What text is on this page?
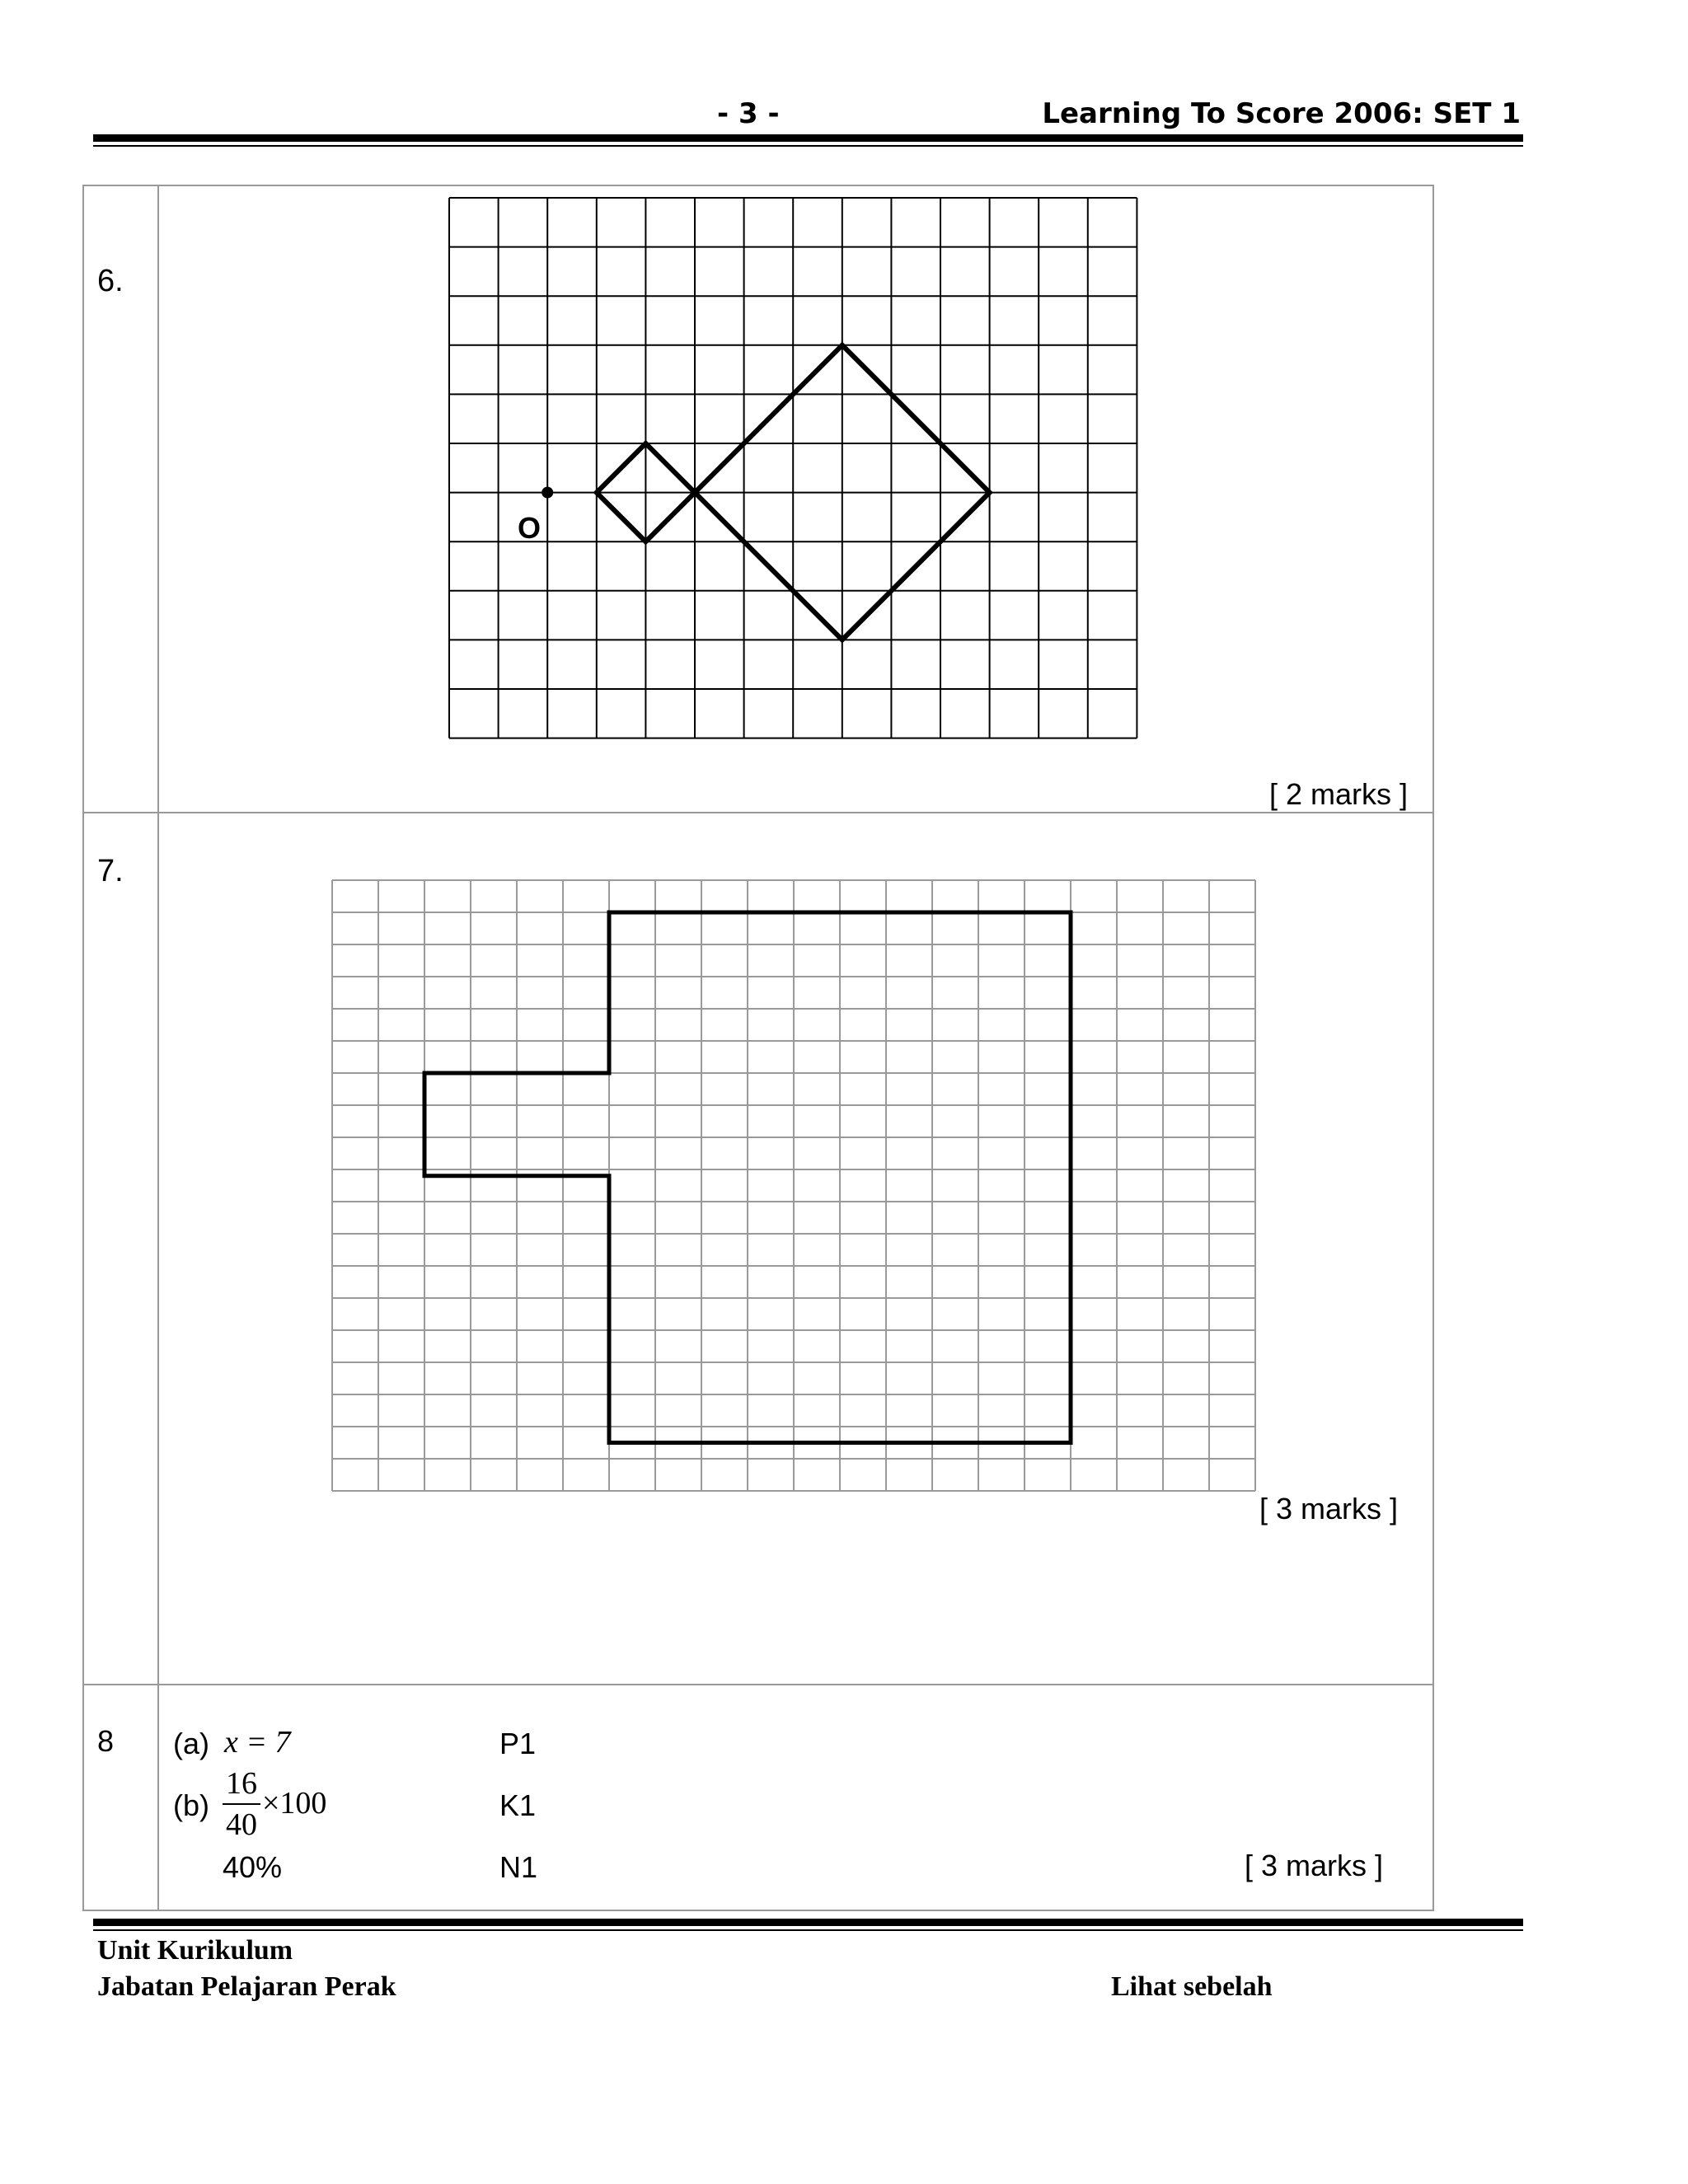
- 3 -	Learning To Score 2006: SET 1
6.
O
[ 2 marks ]
7.
[ 3 marks ]
8 (a) x = 7	P1
(b)
16
40
×100	K1
40%	N1	[ 3 marks ]
Unit Kurikulum
Jabatan Pelajaran Perak	Lihat sebelah
